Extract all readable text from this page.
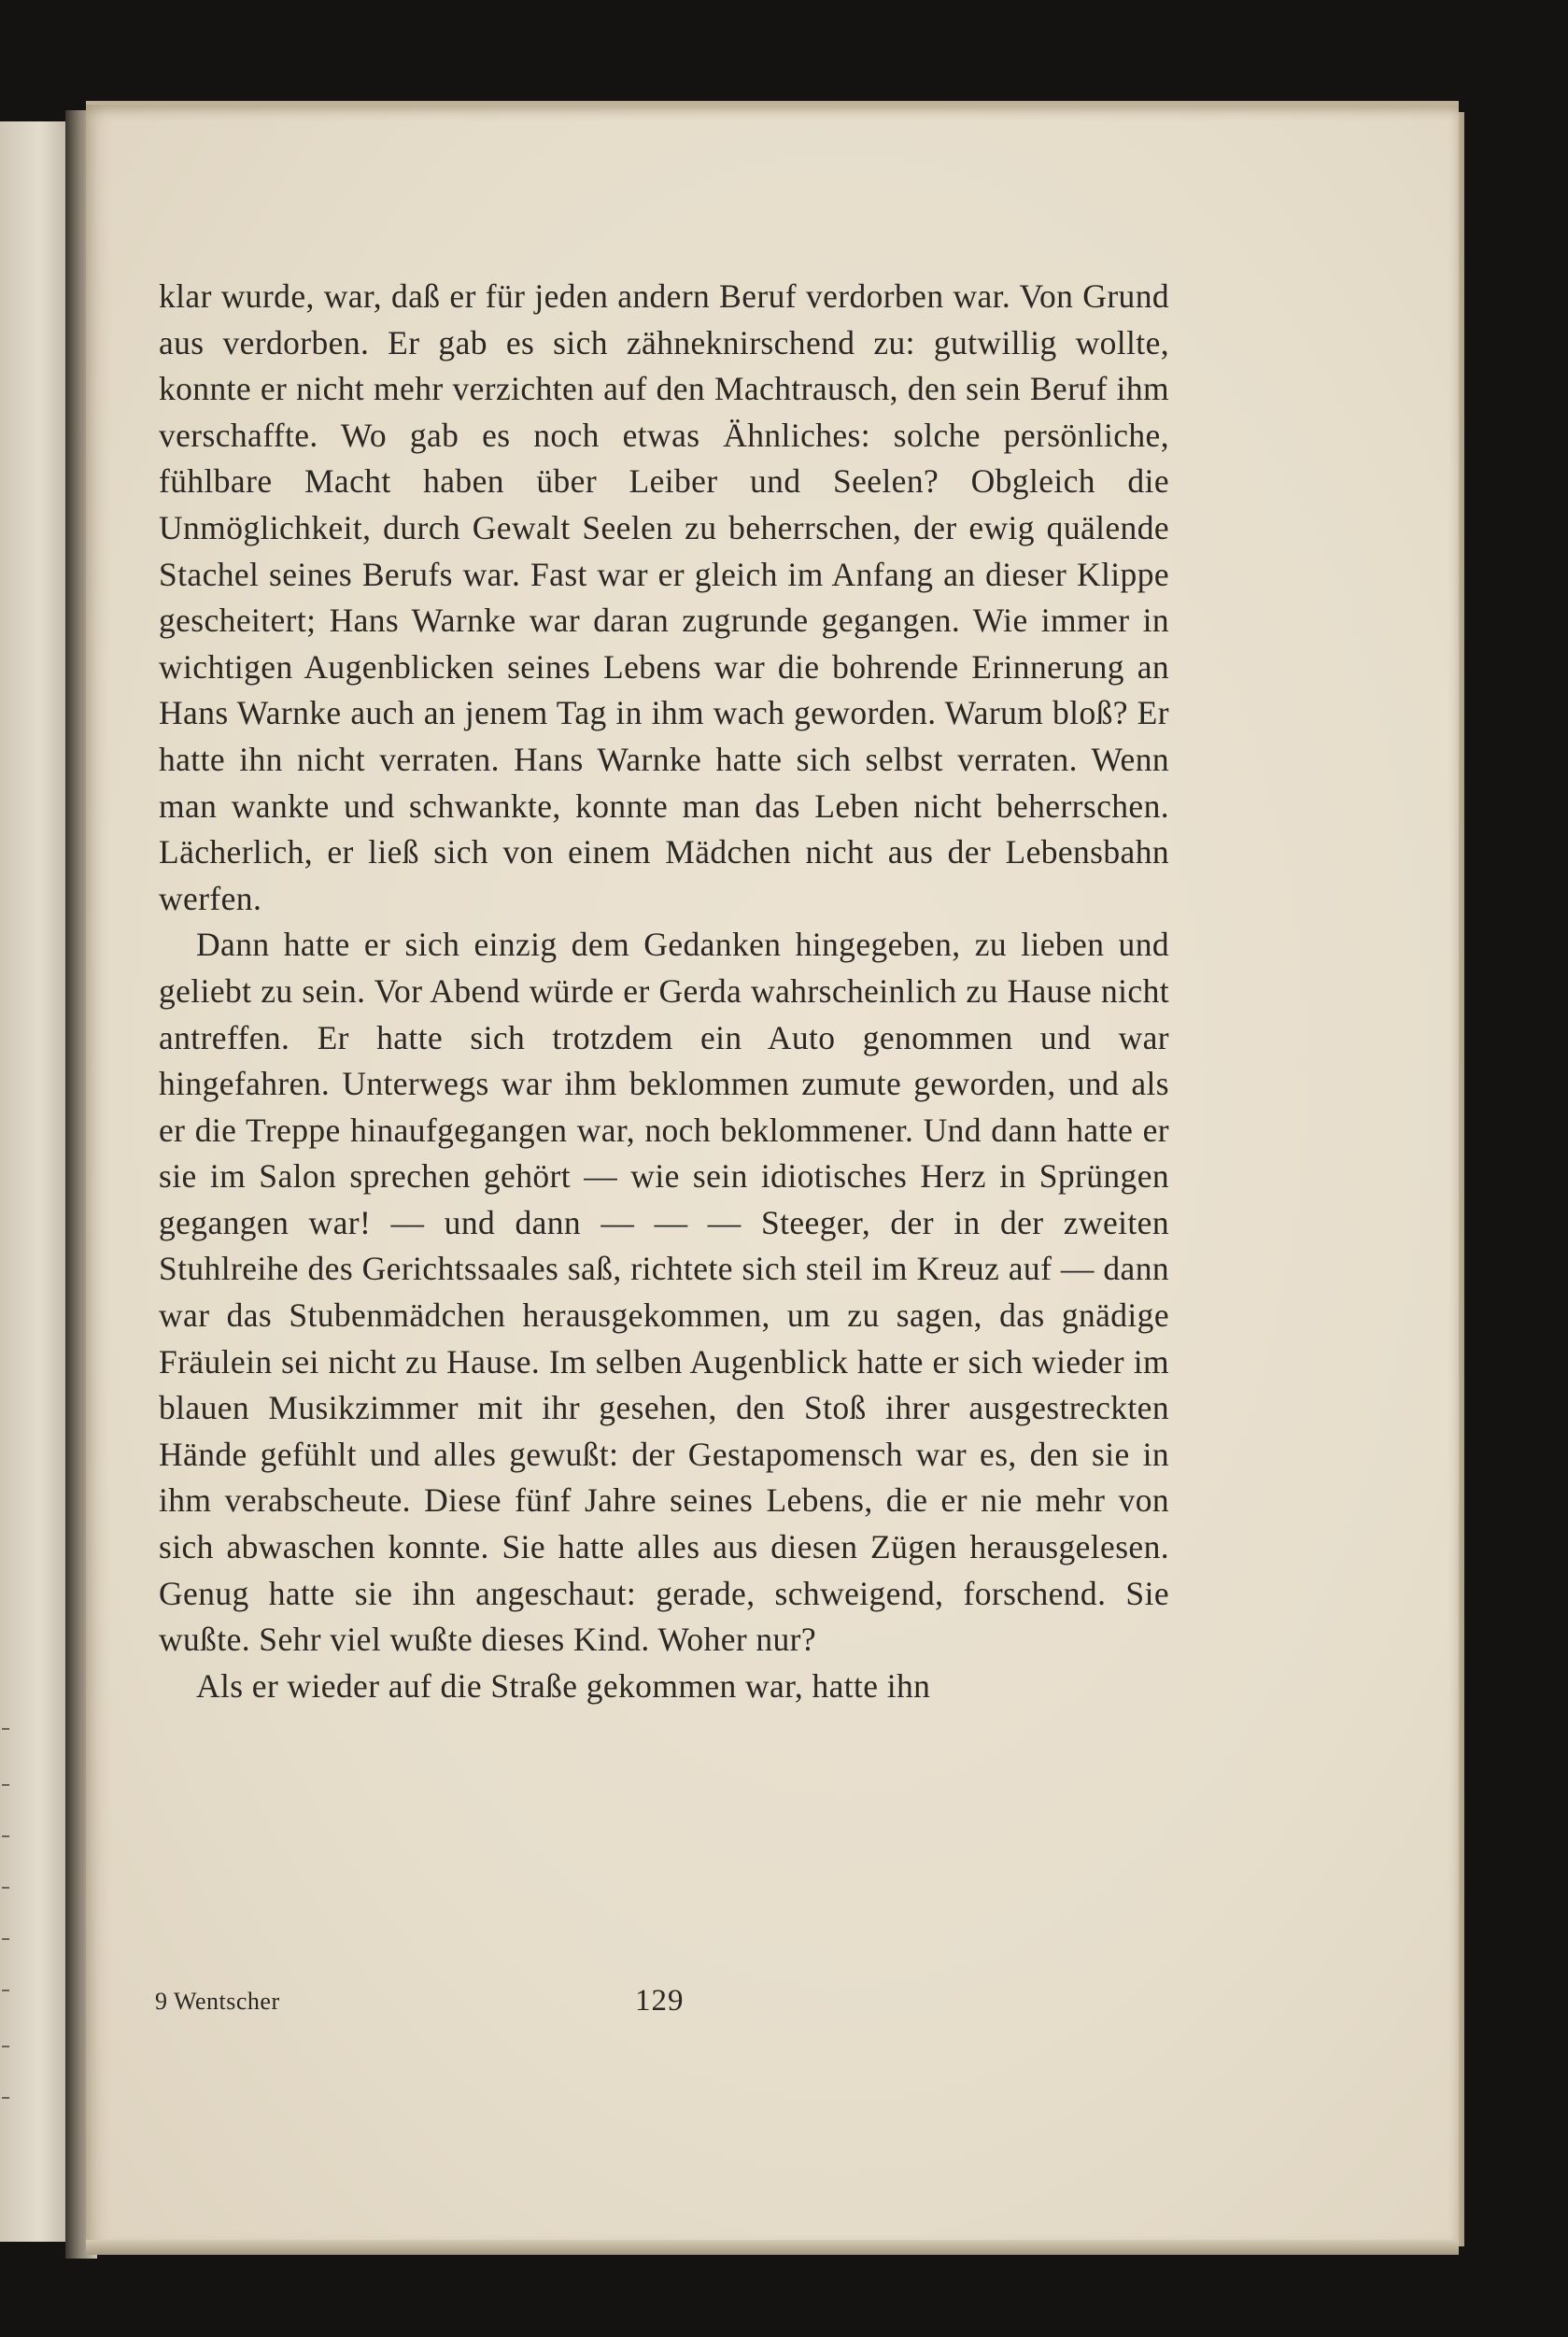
klar wurde, war, daß er für jeden andern Beruf verdorben war. Von Grund aus verdorben. Er gab es sich zähneknirschend zu: gutwillig wollte, konnte er nicht mehr verzichten auf den Machtrausch, den sein Beruf ihm verschaffte. Wo gab es noch etwas Ähnliches: solche persönliche, fühlbare Macht haben über Leiber und Seelen? Obgleich die Unmöglichkeit, durch Gewalt Seelen zu beherrschen, der ewig quälende Stachel seines Berufs war. Fast war er gleich im Anfang an dieser Klippe gescheitert; Hans Warnke war daran zugrunde gegangen. Wie immer in wichtigen Augenblicken seines Lebens war die bohrende Erinnerung an Hans Warnke auch an jenem Tag in ihm wach geworden. Warum bloß? Er hatte ihn nicht verraten. Hans Warnke hatte sich selbst verraten. Wenn man wankte und schwankte, konnte man das Leben nicht beherrschen. Lächerlich, er ließ sich von einem Mädchen nicht aus der Lebensbahn werfen.

Dann hatte er sich einzig dem Gedanken hingegeben, zu lieben und geliebt zu sein. Vor Abend würde er Gerda wahrscheinlich zu Hause nicht antreffen. Er hatte sich trotzdem ein Auto genommen und war hingefahren. Unterwegs war ihm beklommen zumute geworden, und als er die Treppe hinaufgegangen war, noch beklommener. Und dann hatte er sie im Salon sprechen gehört — wie sein idiotisches Herz in Sprüngen gegangen war! — und dann — — — Steeger, der in der zweiten Stuhlreihe des Gerichtssaales saß, richtete sich steil im Kreuz auf — dann war das Stubenmädchen herausgekommen, um zu sagen, das gnädige Fräulein sei nicht zu Hause. Im selben Augenblick hatte er sich wieder im blauen Musikzimmer mit ihr gesehen, den Stoß ihrer ausgestreckten Hände gefühlt und alles gewußt: der Gestapomensch war es, den sie in ihm verabscheute. Diese fünf Jahre seines Lebens, die er nie mehr von sich abwaschen konnte. Sie hatte alles aus diesen Zügen herausgelesen. Genug hatte sie ihn angeschaut: gerade, schweigend, forschend. Sie wußte. Sehr viel wußte dieses Kind. Woher nur?

Als er wieder auf die Straße gekommen war, hatte ihn

9 Wentscher	129
